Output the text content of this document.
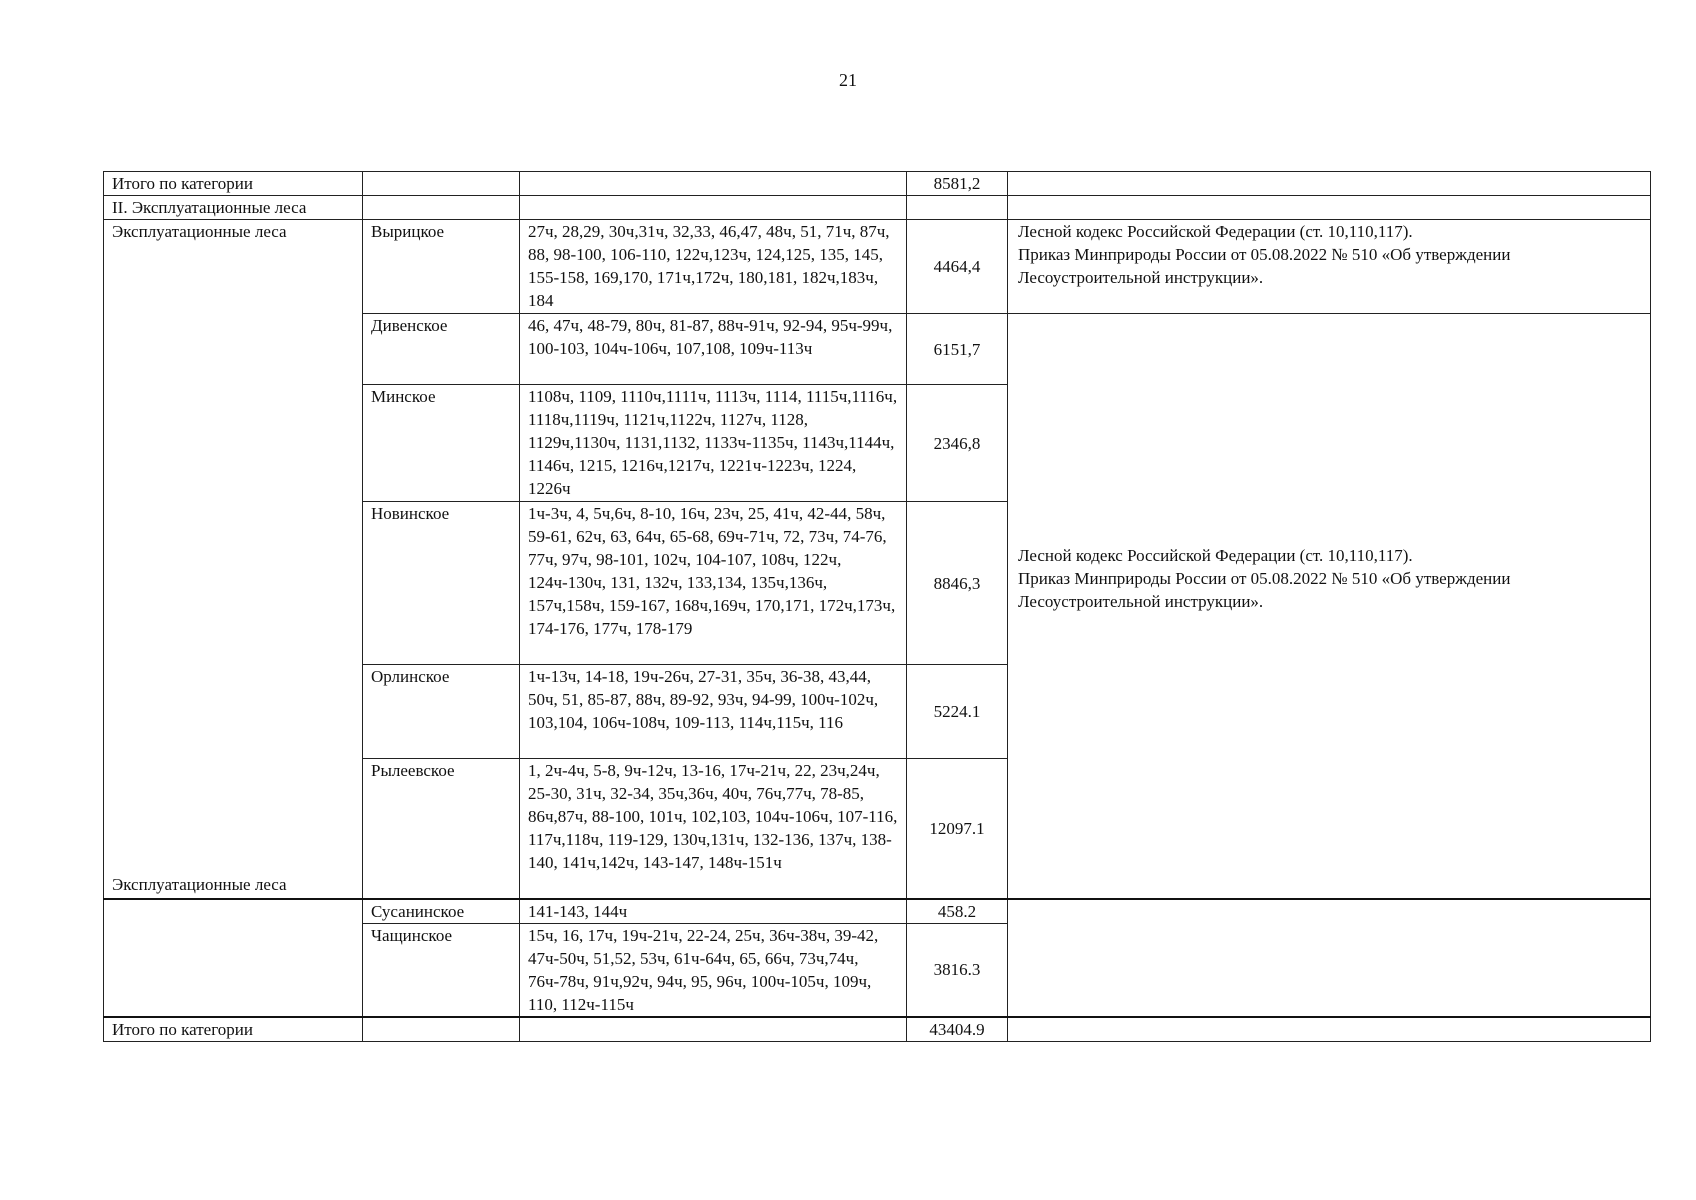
21
Итого по категории			8581,2	
II. Эксплуатационные леса				
Эксплуатационные леса
Эксплуатационные леса	Вырицкое	27ч, 28,29, 30ч,31ч, 32,33, 46,47, 48ч, 51, 71ч, 87ч, 88, 98-100, 106-110, 122ч,123ч, 124,125, 135, 145, 155-158, 169,170, 171ч,172ч, 180,181, 182ч,183ч, 184	4464,4	Лесной кодекс Российской Федерации (ст. 10,110,117).
Приказ Минприроды России от 05.08.2022 № 510 «Об утверждении Лесоустроительной инструкции».

	Дивенское	46, 47ч, 48-79, 80ч, 81-87, 88ч-91ч, 92-94, 95ч-99ч, 100-103, 104ч-106ч, 107,108, 109ч-113ч	6151,7	Лесной кодекс Российской Федерации (ст. 10,110,117).
Приказ Минприроды России от 05.08.2022 № 510 «Об утверждении Лесоустроительной инструкции».

	Минское	1108ч, 1109, 1110ч,1111ч, 1113ч, 1114, 1115ч,1116ч, 1118ч,1119ч, 1121ч,1122ч, 1127ч, 1128, 1129ч,1130ч, 1131,1132, 1133ч-1135ч, 1143ч,1144ч, 1146ч, 1215, 1216ч,1217ч, 1221ч-1223ч, 1224, 1226ч	2346,8	
	Новинское	1ч-3ч, 4, 5ч,6ч, 8-10, 16ч, 23ч, 25, 41ч, 42-44, 58ч, 59-61, 62ч, 63, 64ч, 65-68, 69ч-71ч, 72, 73ч, 74-76, 77ч, 97ч, 98-101, 102ч, 104-107, 108ч, 122ч, 124ч-130ч, 131, 132ч, 133,134, 135ч,136ч, 157ч,158ч, 159-167, 168ч,169ч, 170,171, 172ч,173ч, 174-176, 177ч, 178-179	8846,3	
	Орлинское	1ч-13ч, 14-18, 19ч-26ч, 27-31, 35ч, 36-38, 43,44, 50ч, 51, 85-87, 88ч, 89-92, 93ч, 94-99, 100ч-102ч, 103,104, 106ч-108ч, 109-113, 114ч,115ч, 116	5224.1	
	Рылеевское	1, 2ч-4ч, 5-8, 9ч-12ч, 13-16, 17ч-21ч, 22, 23ч,24ч, 25-30, 31ч, 32-34, 35ч,36ч, 40ч, 76ч,77ч, 78-85, 86ч,87ч, 88-100, 101ч, 102,103, 104ч-106ч, 107-116, 117ч,118ч, 119-129, 130ч,131ч, 132-136, 137ч, 138-140, 141ч,142ч, 143-147, 148ч-151ч	12097.1	
	Сусанинское	141-143, 144ч	458.2	
	Чащинское	15ч, 16, 17ч, 19ч-21ч, 22-24, 25ч, 36ч-38ч, 39-42, 47ч-50ч, 51,52, 53ч, 61ч-64ч, 65, 66ч, 73ч,74ч, 76ч-78ч, 91ч,92ч, 94ч, 95, 96ч, 100ч-105ч, 109ч, 110, 112ч-115ч	3816.3	
Итого по категории			43404.9	
